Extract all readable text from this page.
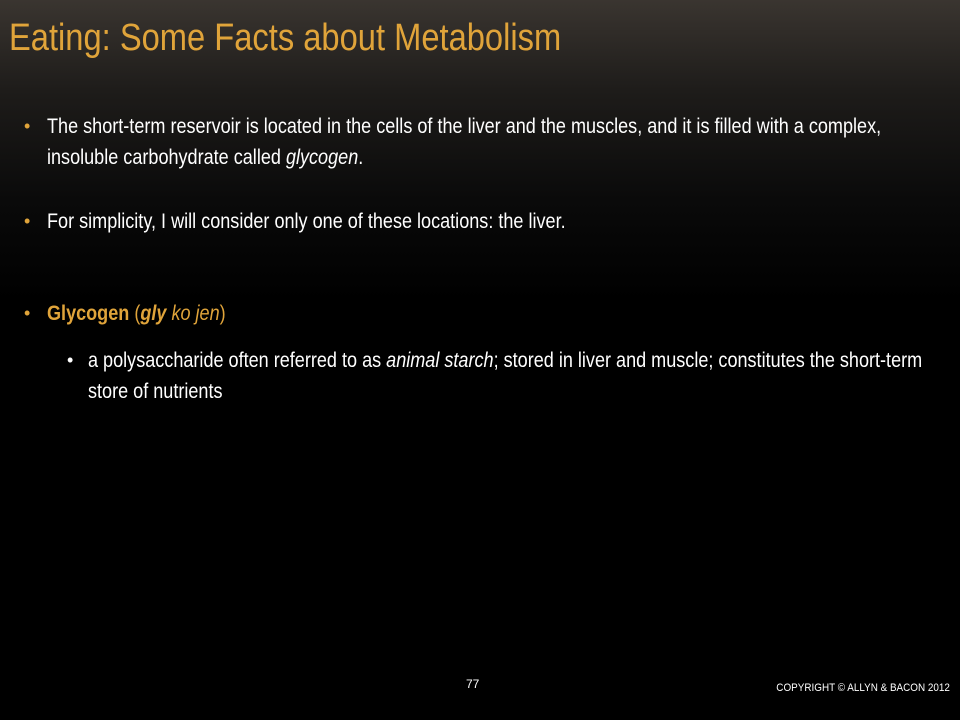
Eating: Some Facts about Metabolism
• The short-term reservoir is located in the cells of the liver and the muscles, and it is filled with a complex, insoluble carbohydrate called glycogen.
• For simplicity, I will consider only one of these locations: the liver.
• Glycogen (gly ko jen)
• a polysaccharide often referred to as animal starch; stored in liver and muscle; constitutes the short-term store of nutrients
77	COPYRIGHT © ALLYN & BACON 2012
